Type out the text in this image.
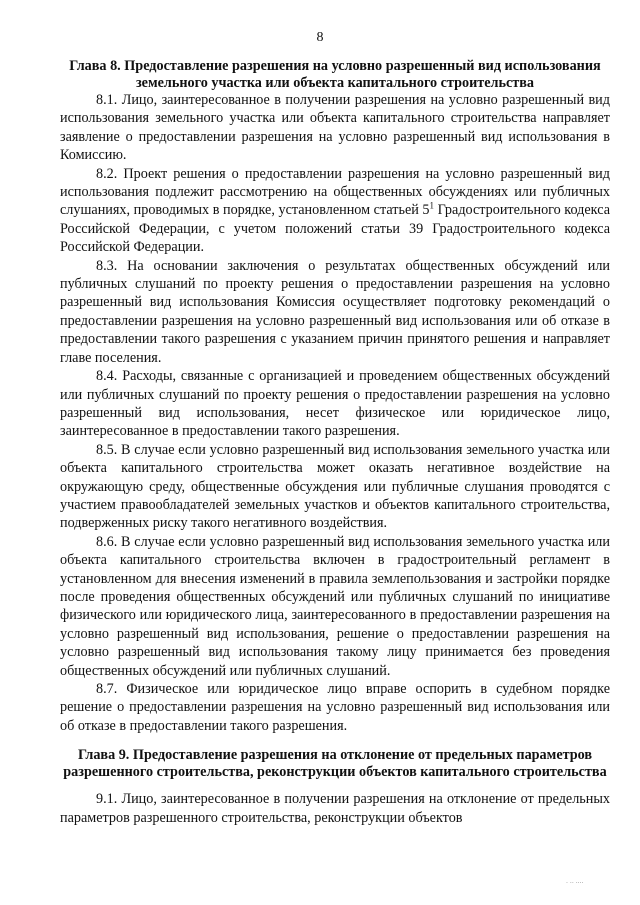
8
Глава 8. Предоставление разрешения на условно разрешенный вид использования земельного участка или объекта капитального строительства

8.1. Лицо, заинтересованное в получении разрешения на условно разрешенный вид использования земельного участка или объекта капитального строительства направляет заявление о предоставлении разрешения на условно разрешенный вид использования в Комиссию.

8.2. Проект решения о предоставлении разрешения на условно разрешенный вид использования подлежит рассмотрению на общественных обсуждениях или публичных слушаниях, проводимых в порядке, установленном статьей $5^1$ Градостроительного кодекса Российской Федерации, с учетом положений статьи 39 Градостроительного кодекса Российской Федерации.

8.3. На основании заключения о результатах общественных обсуждений или публичных слушаний по проекту решения о предоставлении разрешения на условно разрешенный вид использования Комиссия осуществляет подготовку рекомендаций о предоставлении разрешения на условно разрешенный вид использования или об отказе в предоставлении такого разрешения с указанием причин принятого решения и направляет главе поселения.

8.4. Расходы, связанные с организацией и проведением общественных обсуждений или публичных слушаний по проекту решения о предоставлении разрешения на условно разрешенный вид использования, несет физическое или юридическое лицо, заинтересованное в предоставлении такого разрешения.

8.5. В случае если условно разрешенный вид использования земельного участка или объекта капитального строительства может оказать негативное воздействие на окружающую среду, общественные обсуждения или публичные слушания проводятся с участием правообладателей земельных участков и объектов капитального строительства, подверженных риску такого негативного воздействия.

8.6. В случае если условно разрешенный вид использования земельного участка или объекта капитального строительства включен в градостроительный регламент в установленном для внесения изменений в правила землепользования и застройки порядке после проведения общественных обсуждений или публичных слушаний по инициативе физического или юридического лица, заинтересованного в предоставлении разрешения на условно разрешенный вид использования, решение о предоставлении разрешения на условно разрешенный вид использования такому лицу принимается без проведения общественных обсуждений или публичных слушаний.

8.7. Физическое или юридическое лицо вправе оспорить в судебном порядке решение о предоставлении разрешения на условно разрешенный вид использования или об отказе в предоставлении такого разрешения.

Глава 9. Предоставление разрешения на отклонение от предельных параметров разрешенного строительства, реконструкции объектов капитального строительства

9.1. Лицо, заинтересованное в получении разрешения на отклонение от предельных параметров разрешенного строительства, реконструкции объектов

. .. ....
